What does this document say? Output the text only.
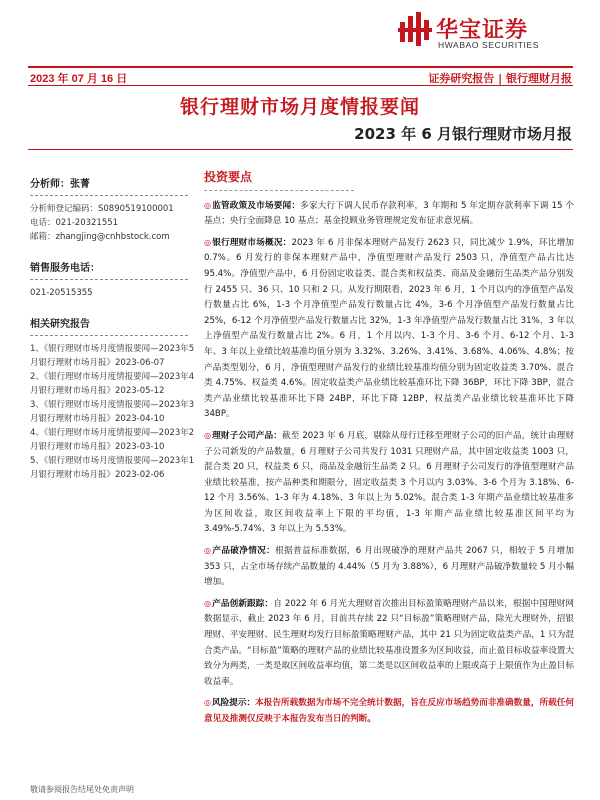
华宝证券
HWABAO SECURITIES
2023 年 07 月 16 日	证券研究报告 | 银行理财月报
银行理财市场月度情报要闻
2023 年 6 月银行理财市场月报
分析师：张菁
分析师登记编码：S0890519100001
电话：021-20321551
邮箱：zhangjing@cnhbstock.com
销售服务电话：
021-20515355
相关研究报告
1、《银行理财市场月度情报要闻—2023年5月银行理财市场月报》2023-06-07
2、《银行理财市场月度情报要闻—2023年4月银行理财市场月报》2023-05-12
3、《银行理财市场月度情报要闻—2023年3月银行理财市场月报》2023-04-10
4、《银行理财市场月度情报要闻—2023年2月银行理财市场月报》2023-03-10
5、《银行理财市场月度情报要闻—2023年1月银行理财市场月报》2023-02-06
投资要点
◎监管政策及市场要闻：多家大行下调人民币存款利率，3 年期和 5 年定期存款利率下调 15 个基点；央行全面降息 10 基点；基金投顾业务管理规定发布征求意见稿。
◎银行理财市场概况：2023 年 6 月非保本理财产品发行 2623 只，同比减少 1.9%，环比增加 0.7%。6 月发行的非保本理财产品中，净值型理财产品发行 2503 只，净值型产品占比达 95.4%。净值型产品中，6 月份固定收益类、混合类和权益类、商品及金融衍生品类产品分别发行 2455 只、36 只、10 只和 2 只。从发行期限看，2023 年 6 月，1 个月以内的净值型产品发行数量占比 6%，1-3 个月净值型产品发行数量占比 4%，3-6 个月净值型产品发行数量占比 25%，6-12 个月净值型产品发行数量占比 32%，1-3 年净值型产品发行数量占比 31%，3 年以上净值型产品发行数量占比 2%。6 月，1 个月以内、1-3 个月、3-6 个月、6-12 个月、1-3 年、3 年以上业绩比较基准均值分别为 3.32%、3.26%、3.41%、3.68%、4.06%、4.8%；按产品类型划分，6 月，净值型理财产品发行的业绩比较基准均值分别为固定收益类 3.70%、混合类 4.75%、权益类 4.6%。固定收益类产品业绩比较基准环比下降 36BP，环比下降 3BP，混合类产品业绩比较基准环比下降 24BP，环比下降 12BP，权益类产品业绩比较基准环比下降 34BP。
◎理财子公司产品：截至 2023 年 6 月底，剔除从母行迁移至理财子公司的旧产品，统计由理财子公司新发的产品数量，6 月理财子公司共发行 1031 只理财产品，其中固定收益类 1003 只，混合类 20 只，权益类 6 只，商品及金融衍生品类 2 只。6 月理财子公司发行的净值型理财产品业绩比较基准，按产品种类和期限分，固定收益类 3 个月以内 3.03%、3-6 个月为 3.18%、6-12 个月 3.56%、1-3 年为 4.18%、3 年以上为 5.02%。混合类 1-3 年期产品业绩比较基准多为区间收益，取区间收益率上下限的平均值，1-3 年期产品业绩比较基准区间平均为 3.49%-5.74%、3 年以上为 5.53%。
◎产品破净情况：根据普益标准数据，6 月出现破净的理财产品共 2067 只，相较于 5 月增加 353 只，占全市场存续产品数量的 4.44%（5 月为 3.88%），6 月理财产品破净数量较 5 月小幅增加。
◎产品创新跟踪：自 2022 年 6 月光大理财首次推出目标盈策略理财产品以来，根据中国理财网数据显示，截止 2023 年 6 月，目前共存续 22 只“目标盈”策略理财产品，除光大理财外，招银理财、平安理财、民生理财均发行目标盈策略理财产品，其中 21 只为固定收益类产品，1 只为混合类产品。“目标盈”策略的理财产品的业绩比较基准设置多为区间收益，而止盈目标收益率设置大致分为两类，一类是取区间收益率均值，第二类是以区间收益率的上限或高于上限值作为止盈目标收益率。
◎风险提示：本报告所载数据为市场不完全统计数据，旨在反应市场趋势而非准确数量，所载任何意见及推测仅反映于本报告发布当日的判断。
敬请参阅报告结尾处免责声明
